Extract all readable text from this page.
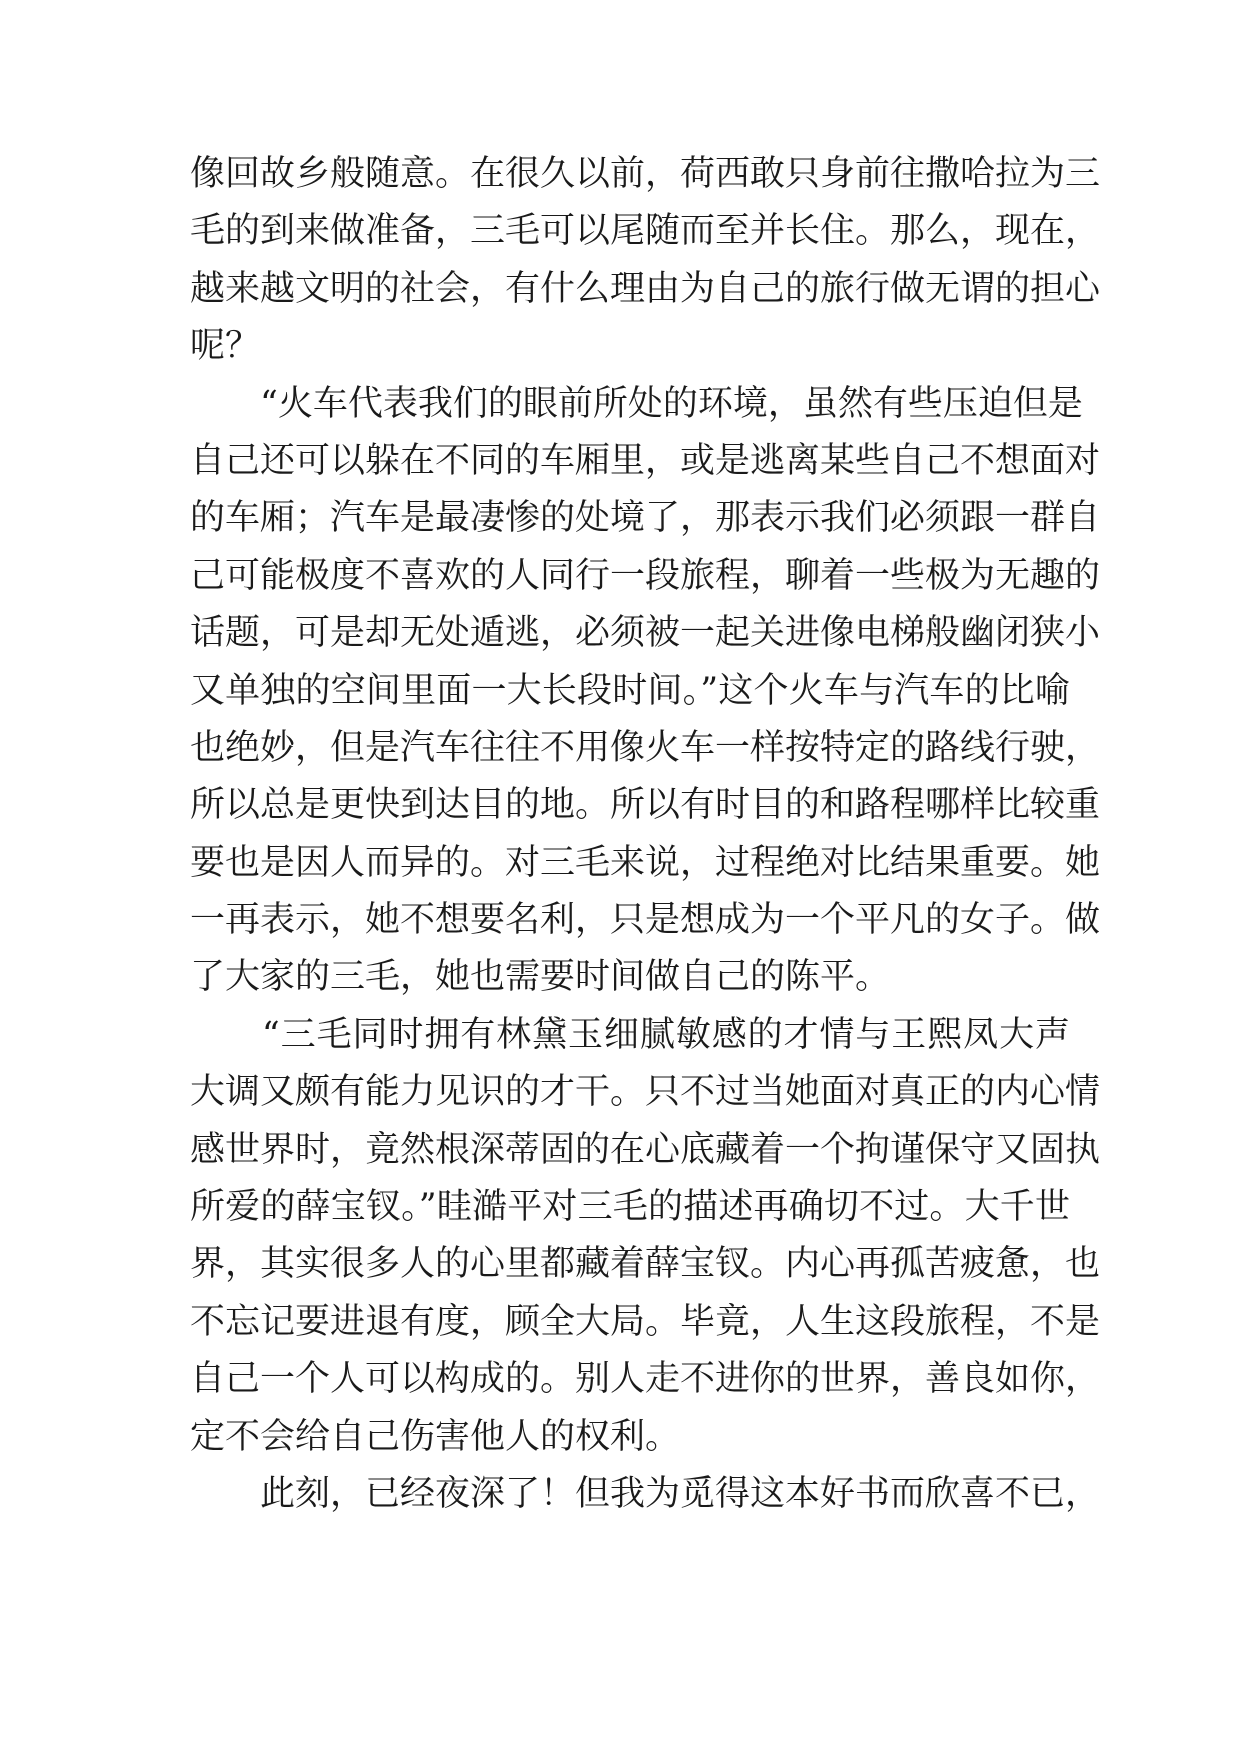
像回故乡般随意。在很久以前，荷西敢只身前往撒哈拉为三
毛的到来做准备，三毛可以尾随而至并长住。那么，现在，
越来越文明的社会，有什么理由为自己的旅行做无谓的担心
呢？
　　“火车代表我们的眼前所处的环境，虽然有些压迫但是
自己还可以躲在不同的车厢里，或是逃离某些自己不想面对
的车厢；汽车是最凄惨的处境了，那表示我们必须跟一群自
己可能极度不喜欢的人同行一段旅程，聊着一些极为无趣的
话题，可是却无处遁逃，必须被一起关进像电梯般幽闭狭小
又单独的空间里面一大长段时间。”这个火车与汽车的比喻
也绝妙，但是汽车往往不用像火车一样按特定的路线行驶，
所以总是更快到达目的地。所以有时目的和路程哪样比较重
要也是因人而异的。对三毛来说，过程绝对比结果重要。她
一再表示，她不想要名利，只是想成为一个平凡的女子。做
了大家的三毛，她也需要时间做自己的陈平。
　　“三毛同时拥有林黛玉细腻敏感的才情与王熙凤大声
大调又颇有能力见识的才干。只不过当她面对真正的内心情
感世界时，竟然根深蒂固的在心底藏着一个拘谨保守又固执
所爱的薛宝钗。”眭澔平对三毛的描述再确切不过。大千世
界，其实很多人的心里都藏着薛宝钗。内心再孤苦疲惫，也
不忘记要进退有度，顾全大局。毕竟，人生这段旅程，不是
自己一个人可以构成的。别人走不进你的世界，善良如你，
定不会给自己伤害他人的权利。
　　此刻，已经夜深了！但我为觅得这本好书而欣喜不已，
